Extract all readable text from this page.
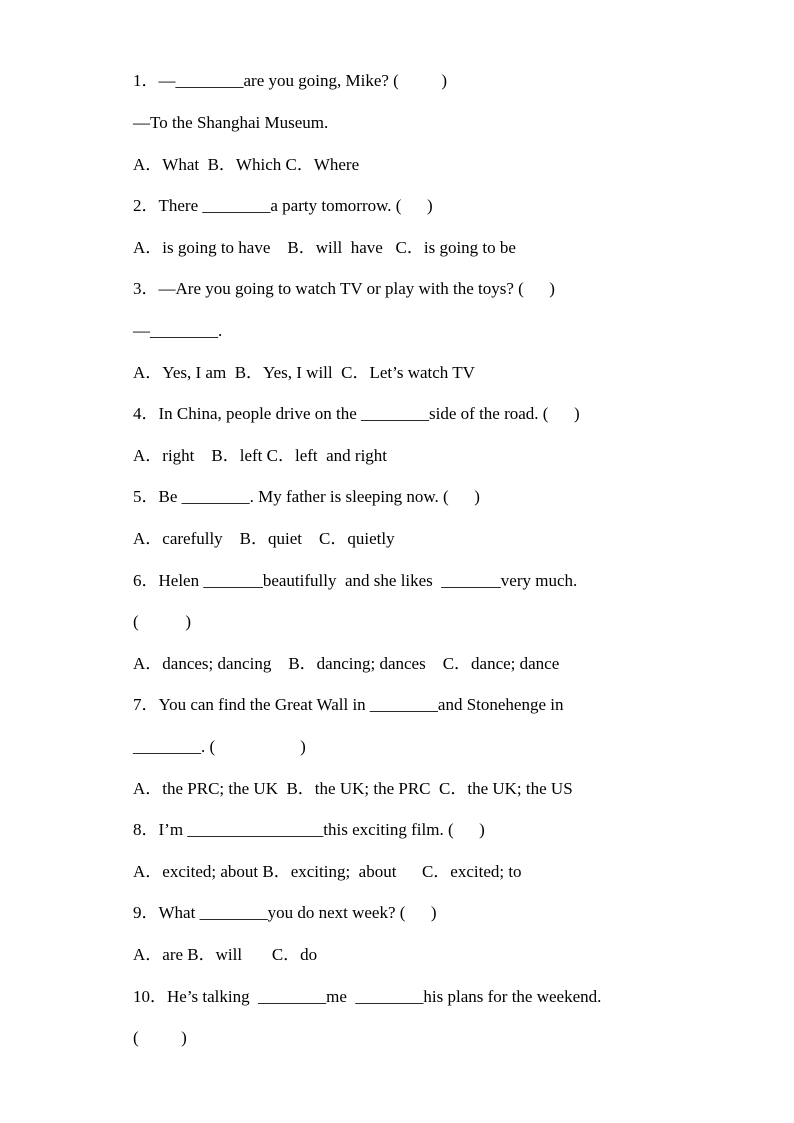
1．—________are you going, Mike? (          )
—To the Shanghai Museum.
A．What  B．Which C．Where
2．There ________a party tomorrow. (      )
A．is going to have    B．will  have   C．is going to be
3．—Are you going to watch TV or play with the toys? (      )
—________.
A．Yes, I am  B．Yes, I will  C．Let’s watch TV
4．In China, people drive on the ________side of the road. (      )
A．right    B．left C．left  and right
5．Be ________. My father is sleeping now. (      )
A．carefully    B．quiet    C．quietly
6．Helen _______beautifully  and she likes  _______very much.
(           )
A．dances; dancing    B．dancing; dances    C．dance; dance
7．You can find the Great Wall in ________and Stonehenge in
________. (                    )
A．the PRC; the UK  B．the UK; the PRC  C．the UK; the US
8．I’m ________________this exciting film. (      )
A．excited; about B．exciting;  about      C．excited; to
9．What ________you do next week? (      )
A．are B．will       C．do
10．He’s talking  ________me  ________his plans for the weekend.
(          )
